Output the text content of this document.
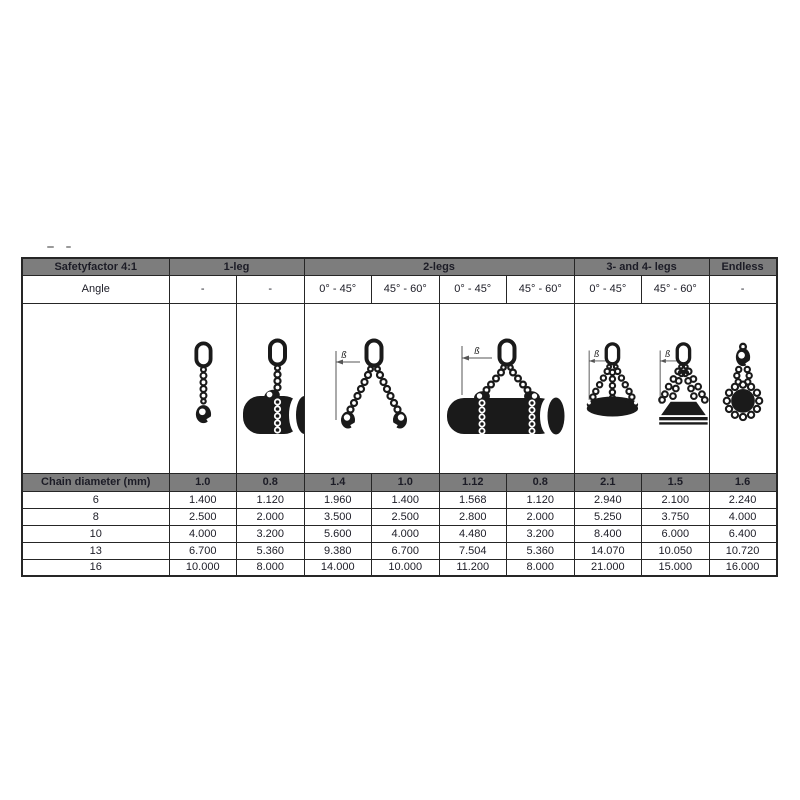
Safetyfactor 4:1	1-leg		2-legs				3- and 4- legs		Endless
Angle	-	-	0° - 45°	45° - 60°	0° - 45°	45° - 60°	0° - 45°	45° - 60°	-

ß		ß		ß
ß

Chain diameter (mm)	1.0	0.8	1.4	1.0	1.12	0.8	2.1	1.5	1.6
6	1.400	1.120	1.960	1.400	1.568	1.120	2.940	2.100	2.240
8	2.500	2.000	3.500	2.500	2.800	2.000	5.250	3.750	4.000
10	4.000	3.200	5.600	4.000	4.480	3.200	8.400	6.000	6.400
13	6.700	5.360	9.380	6.700	7.504	5.360	14.070	10.050	10.720
16	10.000	8.000	14.000	10.000	11.200	8.000	21.000	15.000	16.000
